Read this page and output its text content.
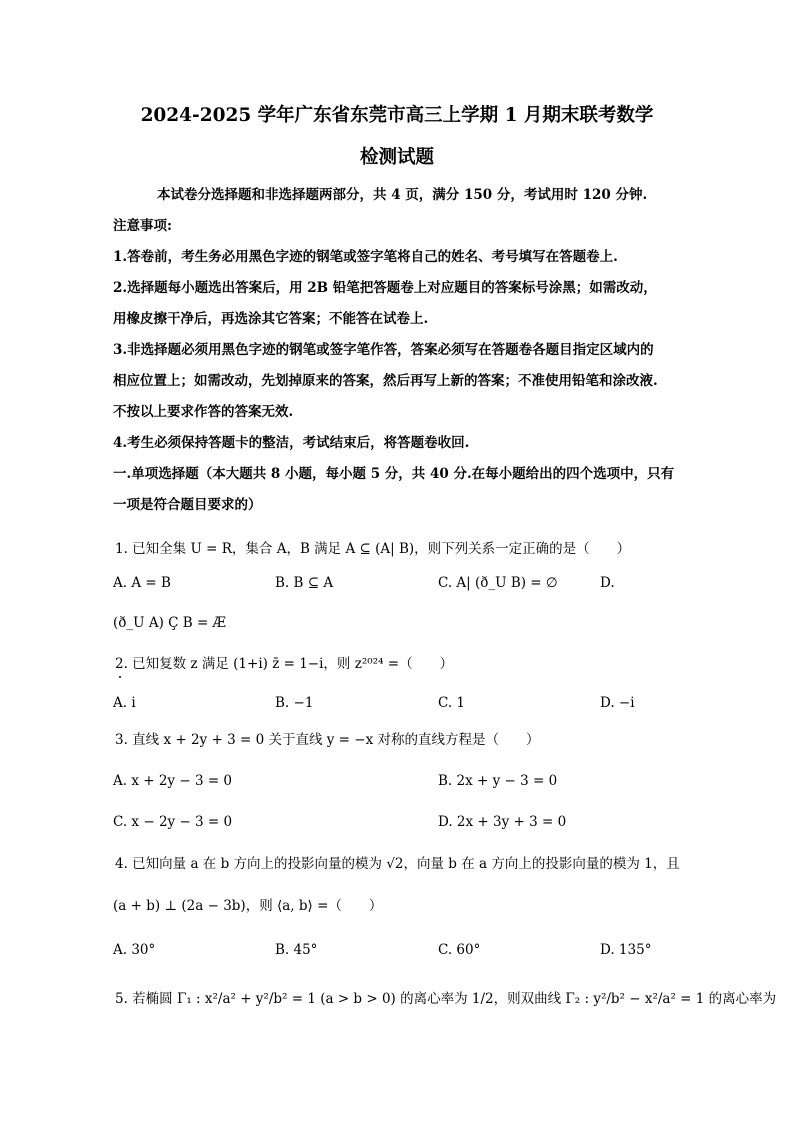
2024-2025 学年广东省东莞市高三上学期 1 月期末联考数学
检测试题
本试卷分选择题和非选择题两部分，共 4 页，满分 150 分，考试用时 120 分钟.
注意事项:
1.答卷前，考生务必用黑色字迹的钢笔或签字笔将自己的姓名、考号填写在答题卷上.
2.选择题每小题选出答案后，用 2B 铅笔把答题卷上对应题目的答案标号涂黑；如需改动，
用橡皮擦干净后，再选涂其它答案；不能答在试卷上.
3.非选择题必须用黑色字迹的钢笔或签字笔作答，答案必须写在答题卷各题目指定区域内的
相应位置上；如需改动，先划掉原来的答案，然后再写上新的答案；不准使用铅笔和涂改液.
不按以上要求作答的答案无效.
4.考生必须保持答题卡的整洁，考试结束后，将答题卷收回.
一.单项选择题（本大题共 8 小题，每小题 5 分，共 40 分.在每小题给出的四个选项中，只有
一项是符合题目要求的）
1. 已知全集 U = R，集合 A，B 满足 A ⊆ (A| B)，则下列关系一定正确的是（　　）
A. A = B	B. B ⊆ A	C. A| (ð_U B) = ∅	D.
(ð_U A) Ç B = Æ
2. 已知复数 z 满足 (1+i) z̄ = 1−i，则 z²⁰²⁴ =（　　）
A. i	B. −1	C. 1	D. −i
3. 直线 x + 2y + 3 = 0 关于直线 y = −x 对称的直线方程是（　　）
A. x + 2y − 3 = 0	B. 2x + y − 3 = 0
C. x − 2y − 3 = 0	D. 2x + 3y + 3 = 0
4. 已知向量 a 在 b 方向上的投影向量的模为 √2，向量 b 在 a 方向上的投影向量的模为 1，且
(a + b) ⊥ (2a − 3b)，则 ⟨a, b⟩ =（　　）
A. 30°	B. 45°	C. 60°	D. 135°
5. 若椭圆 Γ₁ : x²/a² + y²/b² = 1 (a > b > 0) 的离心率为 1/2，则双曲线 Γ₂ : y²/b² − x²/a² = 1 的离心率为
